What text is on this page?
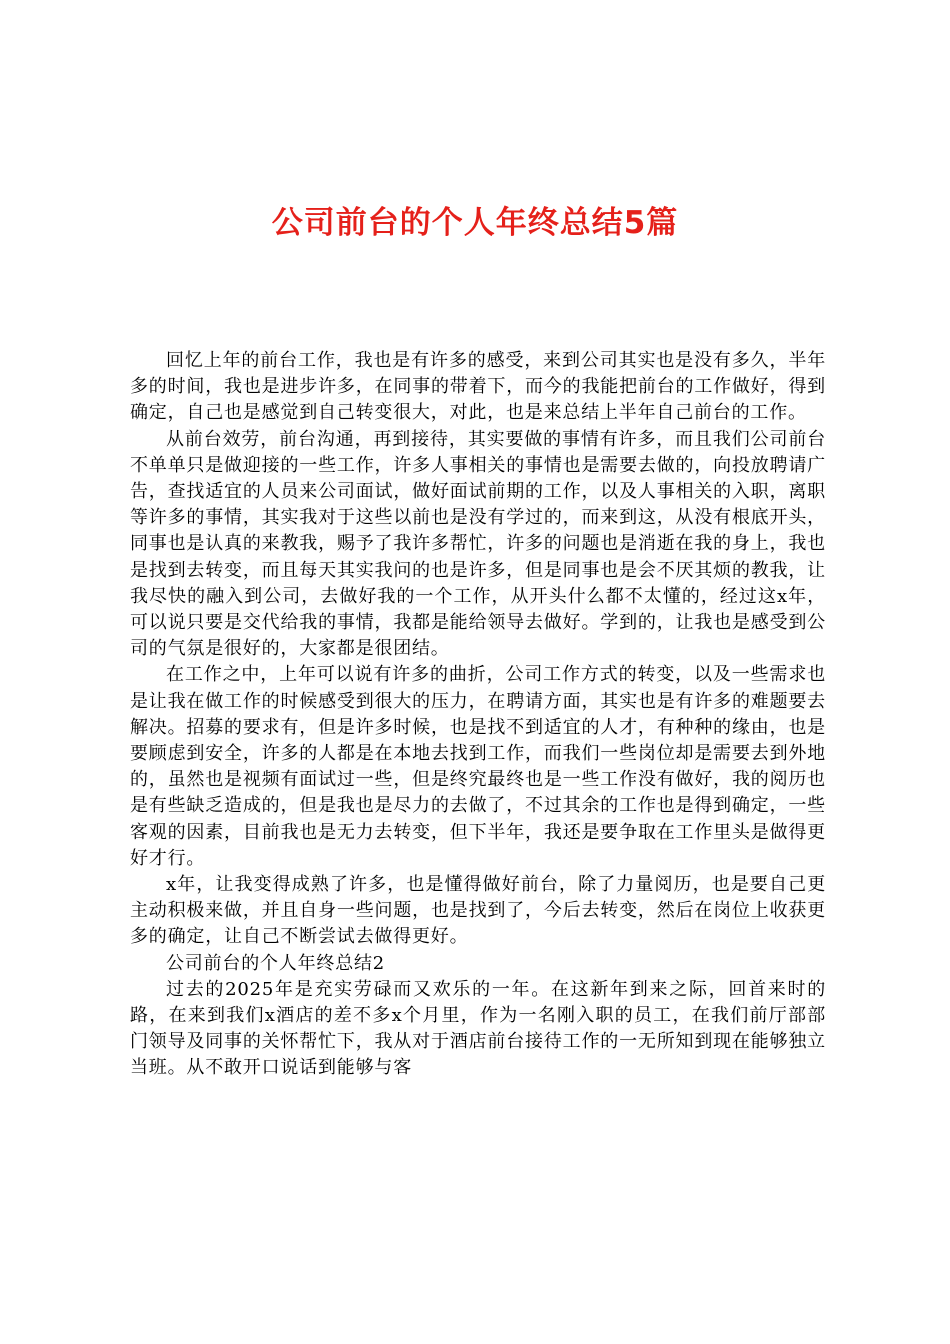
公司前台的个人年终总结5篇

回忆上年的前台工作，我也是有许多的感受，来到公司其实也是没有多久，半年多的时间，我也是进步许多，在同事的带着下，而今的我能把前台的工作做好，得到确定，自己也是感觉到自己转变很大，对此，也是来总结上半年自己前台的工作。

从前台效劳，前台沟通，再到接待，其实要做的事情有许多，而且我们公司前台不单单只是做迎接的一些工作，许多人事相关的事情也是需要去做的，向投放聘请广告，查找适宜的人员来公司面试，做好面试前期的工作，以及人事相关的入职，离职等许多的事情，其实我对于这些以前也是没有学过的，而来到这，从没有根底开头，同事也是认真的来教我，赐予了我许多帮忙，许多的问题也是消逝在我的身上，我也是找到去转变，而且每天其实我问的也是许多，但是同事也是会不厌其烦的教我，让我尽快的融入到公司，去做好我的一个工作，从开头什么都不太懂的，经过这x年，可以说只要是交代给我的事情，我都是能给领导去做好。学到的，让我也是感受到公司的气氛是很好的，大家都是很团结。

在工作之中，上年可以说有许多的曲折，公司工作方式的转变，以及一些需求也是让我在做工作的时候感受到很大的压力，在聘请方面，其实也是有许多的难题要去解决。招募的要求有，但是许多时候，也是找不到适宜的人才，有种种的缘由，也是要顾虑到安全，许多的人都是在本地去找到工作，而我们一些岗位却是需要去到外地的，虽然也是视频有面试过一些，但是终究最终也是一些工作没有做好，我的阅历也是有些缺乏造成的，但是我也是尽力的去做了，不过其余的工作也是得到确定，一些客观的因素，目前我也是无力去转变，但下半年，我还是要争取在工作里头是做得更好才行。

x年，让我变得成熟了许多，也是懂得做好前台，除了力量阅历，也是要自己更主动积极来做，并且自身一些问题，也是找到了，今后去转变，然后在岗位上收获更多的确定，让自己不断尝试去做得更好。

公司前台的个人年终总结2

过去的2025年是充实劳碌而又欢乐的一年。在这新年到来之际，回首来时的路，在来到我们x酒店的差不多x个月里，作为一名刚入职的员工，在我们前厅部部门领导及同事的关怀帮忙下，我从对于酒店前台接待工作的一无所知到现在能够独立当班。从不敢开口说话到能够与客
